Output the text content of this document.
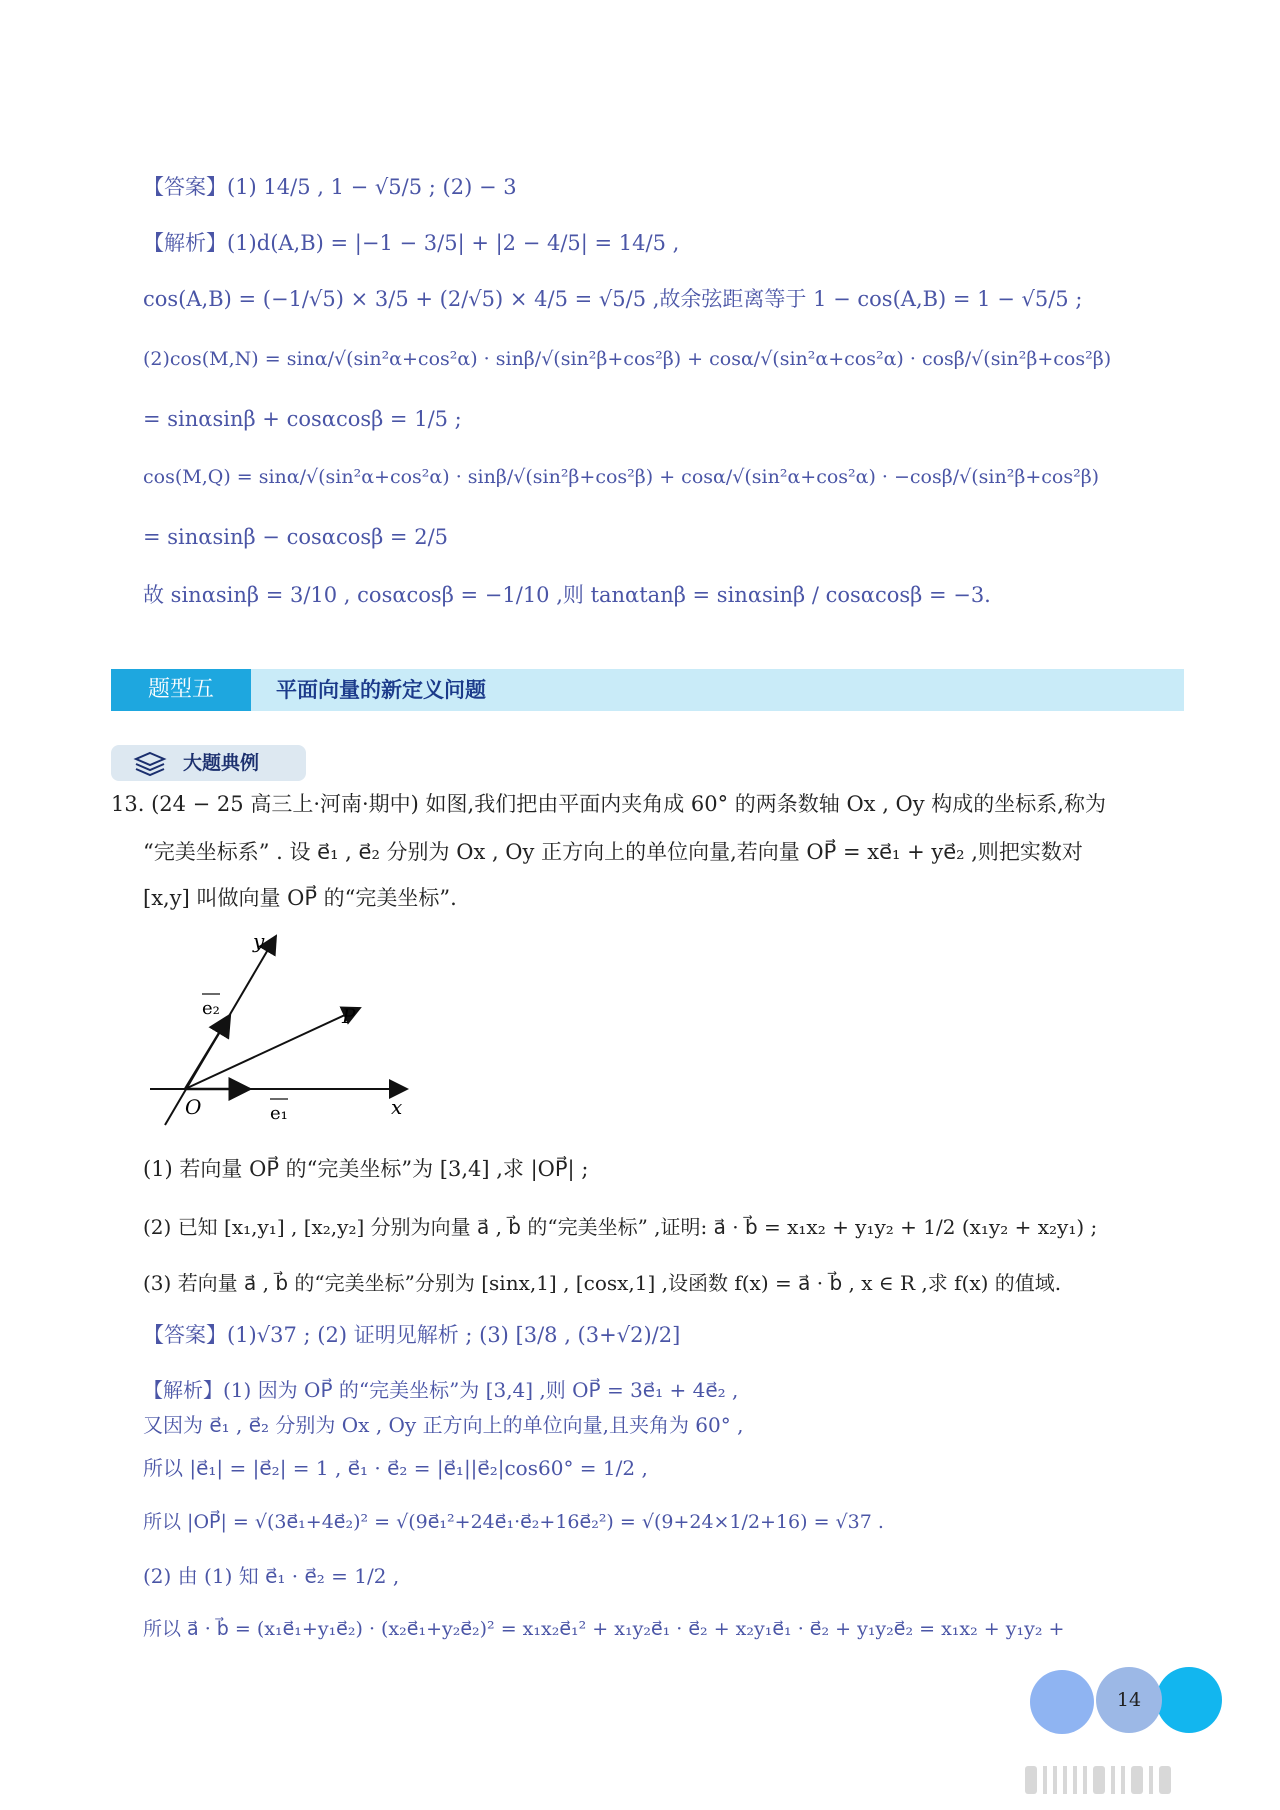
【答案】(1) 14/5 , 1 − √5/5 ; (2) − 3
【解析】(1)d(A,B) = |−1 − 3/5| + |2 − 4/5| = 14/5 ,
cos(A,B) = (−1/√5) × 3/5 + (2/√5) × 4/5 = √5/5 ,故余弦距离等于 1 − cos(A,B) = 1 − √5/5 ;
(2)cos(M,N) = sinα/√(sin²α+cos²α) · sinβ/√(sin²β+cos²β) + cosα/√(sin²α+cos²α) · cosβ/√(sin²β+cos²β)
= sinαsinβ + cosαcosβ = 1/5 ;
cos(M,Q) = sinα/√(sin²α+cos²α) · sinβ/√(sin²β+cos²β) + cosα/√(sin²α+cos²α) · −cosβ/√(sin²β+cos²β)
= sinαsinβ − cosαcosβ = 2/5
故 sinαsinβ = 3/10 , cosαcosβ = −1/10 ,则 tanαtanβ = sinαsinβ / cosαcosβ = −3.
题型五	平面向量的新定义问题
大题典例
13. (24 − 25 高三上·河南·期中) 如图,我们把由平面内夹角成 60° 的两条数轴 Ox , Oy 构成的坐标系,称为
“完美坐标系” . 设 e⃗₁ , e⃗₂ 分别为 Ox , Oy 正方向上的单位向量,若向量 OP⃗ = xe⃗₁ + ye⃗₂ ,则把实数对
[x,y] 叫做向量 OP⃗ 的“完美坐标”.
y
x
O
P
e₁
e₂
(1) 若向量 OP⃗ 的“完美坐标”为 [3,4] ,求 |OP⃗| ;
(2) 已知 [x₁,y₁] , [x₂,y₂] 分别为向量 a⃗ , b⃗ 的“完美坐标” ,证明: a⃗ · b⃗ = x₁x₂ + y₁y₂ + 1/2 (x₁y₂ + x₂y₁) ;
(3) 若向量 a⃗ , b⃗ 的“完美坐标”分别为 [sinx,1] , [cosx,1] ,设函数 f(x) = a⃗ · b⃗ , x ∈ R ,求 f(x) 的值域.
【答案】(1)√37 ; (2) 证明见解析 ; (3) [3/8 , (3+√2)/2]
【解析】(1) 因为 OP⃗ 的“完美坐标”为 [3,4] ,则 OP⃗ = 3e⃗₁ + 4e⃗₂ ,
又因为 e⃗₁ , e⃗₂ 分别为 Ox , Oy 正方向上的单位向量,且夹角为 60° ,
所以 |e⃗₁| = |e⃗₂| = 1 , e⃗₁ · e⃗₂ = |e⃗₁||e⃗₂|cos60° = 1/2 ,
所以 |OP⃗| = √(3e⃗₁+4e⃗₂)² = √(9e⃗₁²+24e⃗₁·e⃗₂+16e⃗₂²) = √(9+24×1/2+16) = √37 .
(2) 由 (1) 知 e⃗₁ · e⃗₂ = 1/2 ,
所以 a⃗ · b⃗ = (x₁e⃗₁+y₁e⃗₂) · (x₂e⃗₁+y₂e⃗₂)² = x₁x₂e⃗₁² + x₁y₂e⃗₁ · e⃗₂ + x₂y₁e⃗₁ · e⃗₂ + y₁y₂e⃗₂ = x₁x₂ + y₁y₂ +
14
